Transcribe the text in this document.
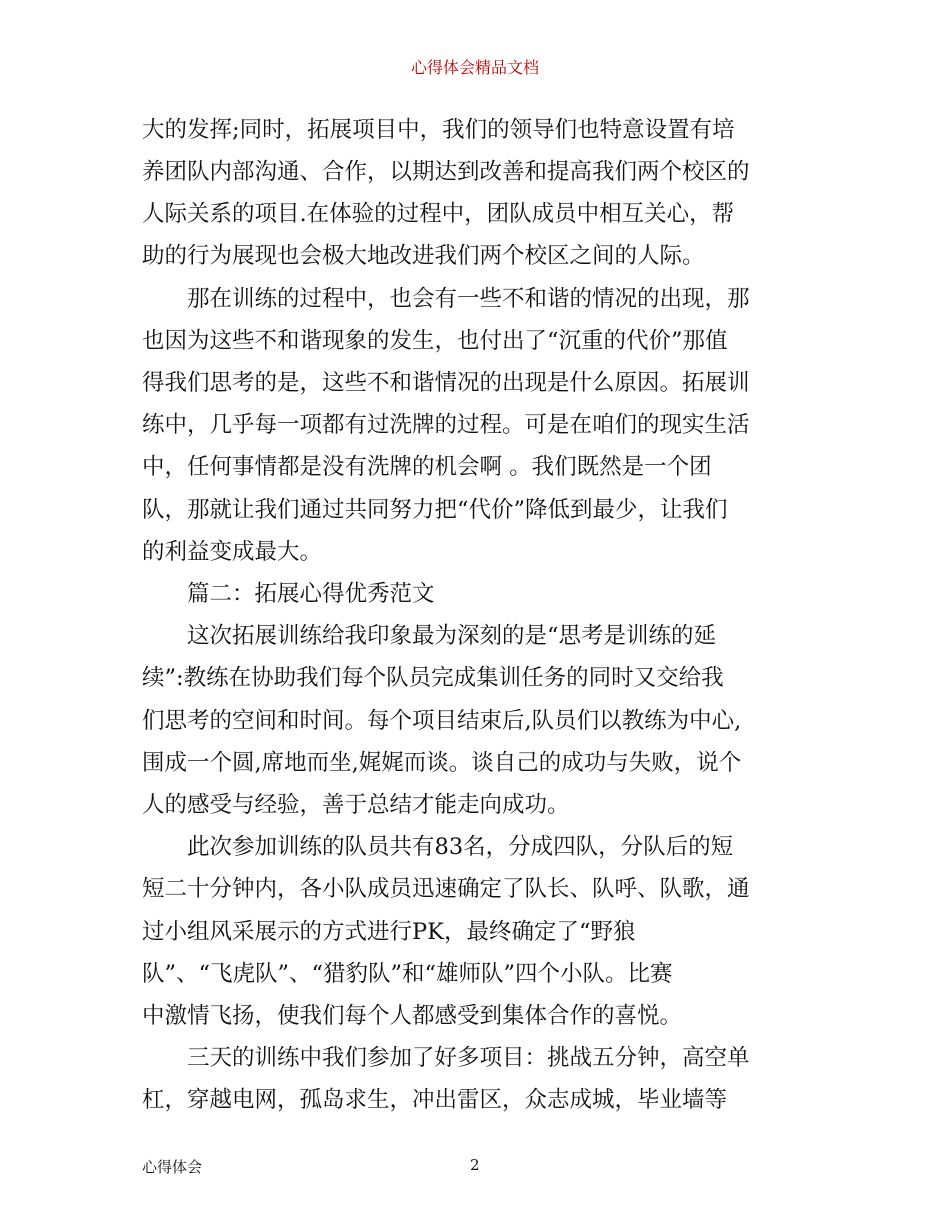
心得体会精品文档
大的发挥;同时，拓展项目中，我们的领导们也特意设置有培
养团队内部沟通、合作，以期达到改善和提高我们两个校区的
人际关系的项目.在体验的过程中，团队成员中相互关心，帮
助的行为展现也会极大地改进我们两个校区之间的人际。
　　那在训练的过程中，也会有一些不和谐的情况的出现，那
也因为这些不和谐现象的发生，也付出了“沉重的代价”那值
得我们思考的是，这些不和谐情况的出现是什么原因。拓展训
练中，几乎每一项都有过洗牌的过程。可是在咱们的现实生活
中，任何事情都是没有洗牌的机会啊 。我们既然是一个团
队，那就让我们通过共同努力把“代价”降低到最少，让我们
的利益变成最大。
　　篇二：拓展心得优秀范文
　　这次拓展训练给我印象最为深刻的是“思考是训练的延
续”:教练在协助我们每个队员完成集训任务的同时又交给我
们思考的空间和时间。每个项目结束后,队员们以教练为中心,
围成一个圆,席地而坐,娓娓而谈。谈自己的成功与失败，说个
人的感受与经验，善于总结才能走向成功。
　　此次参加训练的队员共有83名，分成四队，分队后的短
短二十分钟内，各小队成员迅速确定了队长、队呼、队歌，通
过小组风采展示的方式进行PK，最终确定了“野狼
队”、“飞虎队”、“猎豹队”和“雄师队”四个小队。比赛
中激情飞扬，使我们每个人都感受到集体合作的喜悦。
　　三天的训练中我们参加了好多项目：挑战五分钟，高空单
杠，穿越电网，孤岛求生，冲出雷区，众志成城，毕业墙等
心得体会	2
